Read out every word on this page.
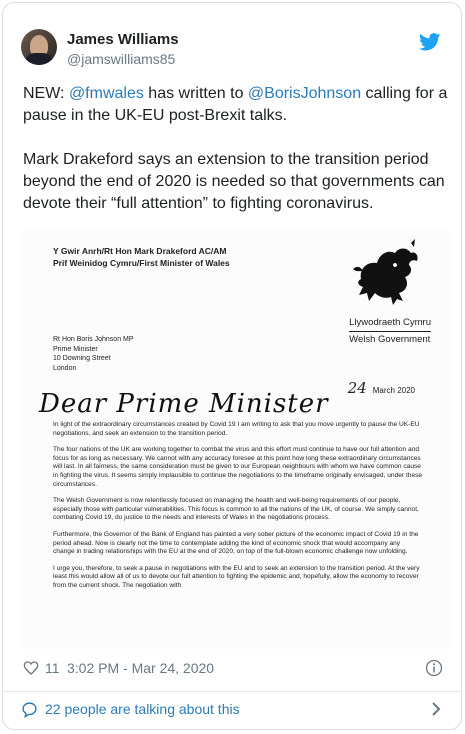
James Williams
@jamswilliams85

NEW: @fmwales has written to @BorisJohnson calling for a pause in the UK-EU post-Brexit talks.

Mark Drakeford says an extension to the transition period beyond the end of 2020 is needed so that governments can devote their “full attention” to fighting coronavirus.

Y Gwir Anrh/Rt Hon Mark Drakeford AC/AM
Prif Weinidog Cymru/First Minister of Wales
Llywodraeth Cymru
Welsh Government
Rt Hon Boris Johnson MP
Prime Minister
10 Downing Street
London
24 March 2020
Dear Prime Minister

In light of the extraordinary circumstances created by Covid 19 I am writing to ask that you move urgently to pause the UK-EU negotiations, and seek an extension to the transition period.

The four nations of the UK are working together to combat the virus and this effort must continue to have our full attention and focus for as long as necessary. We cannot with any accuracy foresee at this point how long these extraordinary circumstances will last. In all fairness, the same consideration must be given to our European neighbours with whom we have common cause in fighting the virus. It seems simply implausible to continue the negotiations to the timeframe originally envisaged, under these circumstances.

The Welsh Government is now relentlessly focused on managing the health and well-being requirements of our people, especially those with particular vulnerabilities. This focus is common to all the nations of the UK, of course. We simply cannot, combating Covid 19, do justice to the needs and interests of Wales in the negotiations process.

Furthermore, the Governor of the Bank of England has painted a very sober picture of the economic impact of Covid 19 in the period ahead. Now is clearly not the time to contemplate adding the kind of economic shock that would accompany any change in trading relationships with the EU at the end of 2020, on top of the full-blown economic challenge now unfolding.

I urge you, therefore, to seek a pause in negotiations with the EU and to seek an extension to the transition period. At the very least this would allow all of us to devote our full attention to fighting the epidemic and, hopefully, allow the economy to recover from the current shock. The negotiation with

11 3:02 PM - Mar 24, 2020
22 people are talking about this
